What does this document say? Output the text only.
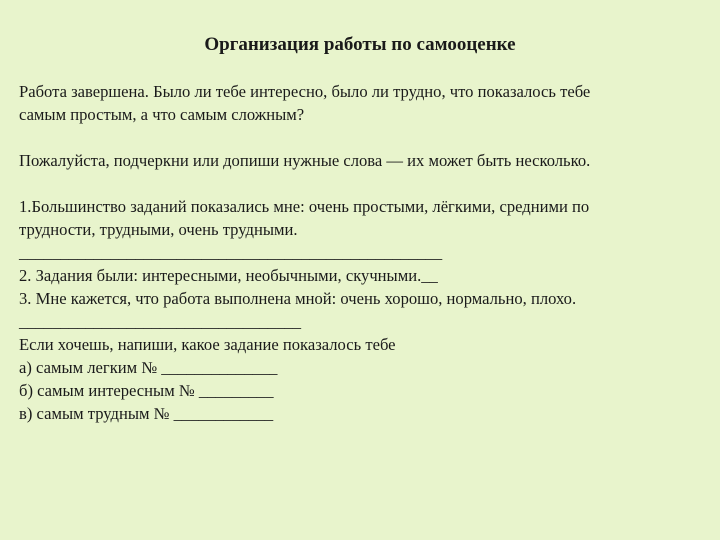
Организация работы по самооценке

Работа завершена. Было ли тебе интересно, было ли трудно, что показалось тебе

самым простым, а что самым сложным?

Пожалуйста, подчеркни или допиши нужные слова — их может быть несколько.

1.Большинство заданий показались мне: очень простыми, лёгкими, средними по

трудности, трудными, очень трудными.

___________________________________________________

2. Задания были: интересными, необычными, скучными.__

3. Мне кажется, что работа выполнена мной: очень хорошо, нормально, плохо.

__________________________________

Если хочешь, напиши, какое задание показалось тебе

а) самым легким № ______________

б) самым интересным № _________

в) самым трудным № ____________
